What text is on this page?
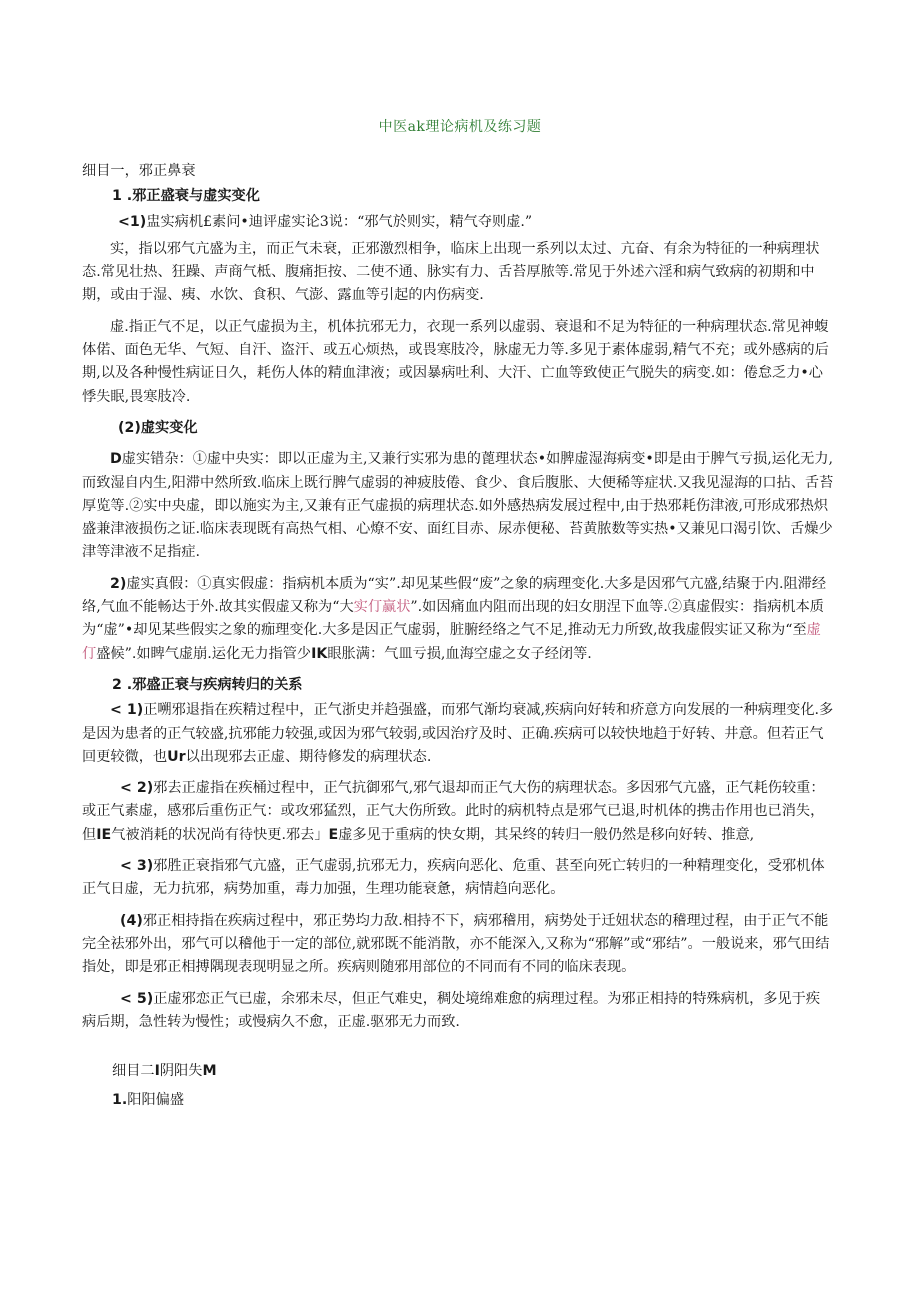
中医ak理论病机及练习题

细目一，邪正鼻衰

1 .邪正盛衰与虚实变化

<1)盅实病机£素问•迪评虚实论3说：“邪气於则实，精气夺则虚.”

实，指以邪气亢盛为主，而正气未衰，正邪激烈相争，临床上出现一系列以太过、亢奋、有余为特征的一种病理状态.常见壮热、狂躁、声商气柢、腹痛拒按、二使不通、脉实有力、舌苔厚脓等.常见于外述六淫和病气致病的初期和中期，或由于湿、痍、水饮、食积、气澎、露血等引起的内伤病变.

虚.指正气不足，以正气虚损为主，机体抗邪无力，衣现一系列以虚弱、衰退和不足为特征的一种病理状态.常见神蝮体偌、面色无华、气短、自汗、盗汗、或五心烦热，或畏寒肢冷，脉虚无力等.多见于素体虚弱,精气不充；或外感病的后期,以及各种慢性病证日久，耗伤人体的精血津液；或因暴病吐利、大汗、亡血等致使正气脱失的病变.如：倦怠乏力•心悸失眠,畏寒肢冷.

(2)虚实变化

D虚实错杂：①虚中央实：即以正虚为主,又兼行实邪为患的蓖理状态•如脾虚湿海病变•即是由于脾气亏损,运化无力,而致湿自内生,阳滞中然所致.临床上既行脾气虚弱的神疲肢倦、食少、食后腹胀、大便稀等症状.又我见湿海的口拈、舌苔厚览等.②实中央虚，即以施实为主,又兼有正气虚损的病理状态.如外感热病发展过程中,由于热邪耗伤津液,可形成邪热炽盛兼津液损伤之证.临床表现既有高热气相、心燎不安、面红目赤、尿赤便秘、苔黄脓数等实热•又兼见口渴引饮、舌燥少津等津液不足指症.

2)虚实真假：①真实假虚：指病机本质为“实”.却见某些假“废”之象的病理变化.大多是因邪气亢盛,结聚于内.阻滞经络,气血不能畅达于外.故其实假虚又称为“大实仃赢状”.如因痛血内阻而出现的妇女朋涅下血等.②真虚假实：指病机本质为“虚”•却见某些假实之象的痂理变化.大多是因正气虚弱，脏腑经络之气不足,推动无力所致,故我虚假实证又称为“至虚仃盛候”.如睥气虚崩.运化无力指管少IK眼胀满：气皿亏损,血海空虚之女子经闭等.

2 .邪盛正衰与疾病转归的关系

< 1)正嗍邪退指在疾精过程中，正气浙史并趋强盛，而邪气渐均衰减,疾病向好转和疥意方向发展的一种病理变化.多是因为患者的正气较盛,抗邪能力较强,或因为邪气较弱,或因治疗及时、正确.疾病可以较快地趋于好转、井意。但若正气回更较微，也Ur以出现邪去正虚、期待修发的病理状态.

< 2)邪去正虚指在疾桶过程中，正气抗御邪气,邪气退却而正气大伤的病理状态。多因邪气亢盛，正气耗伤较重：或正气素虚，感邪后重伤正气：或攻邪猛烈，正气大伤所致。此时的病机特点是邪气已退,时机体的携击作用也已消失，但IE气被消耗的状况尚有待快更.邪去」E虚多见于重病的快女期，其呆终的转归一般仍然是移向好转、推意,

< 3)邪胜正衰指邪气亢盛，正气虚弱,抗邪无力，疾病向恶化、危重、甚至向死亡转归的一种精理变化，受邪机体正气日虚，无力抗邪，病势加重，毒力加强，生理功能衰惫，病情趋向恶化。

(4)邪正相持指在疾病过程中，邪正势均力敌.相持不下，病邪稽用，病势处于迁妞状态的稽理过程，由于正气不能完全祛邪外出，邪气可以稽他于一定的部位,就邪既不能消散，亦不能深入,又称为“邪解”或“邪结”。一般说来，邪气田结指处，即是邪正相搏隅现表现明显之所。疾病则随邪用部位的不同而有不同的临床表现。

< 5)正虚邪恋正气已虚，余邪未尽，但正气难史，稠处境绵难愈的病理过程。为邪正相持的特殊病机，多见于疾病后期，急性转为慢性；或慢病久不愈，正虚.驱邪无力而致.

细目二I阴阳失M

1.阳阳偏盛
